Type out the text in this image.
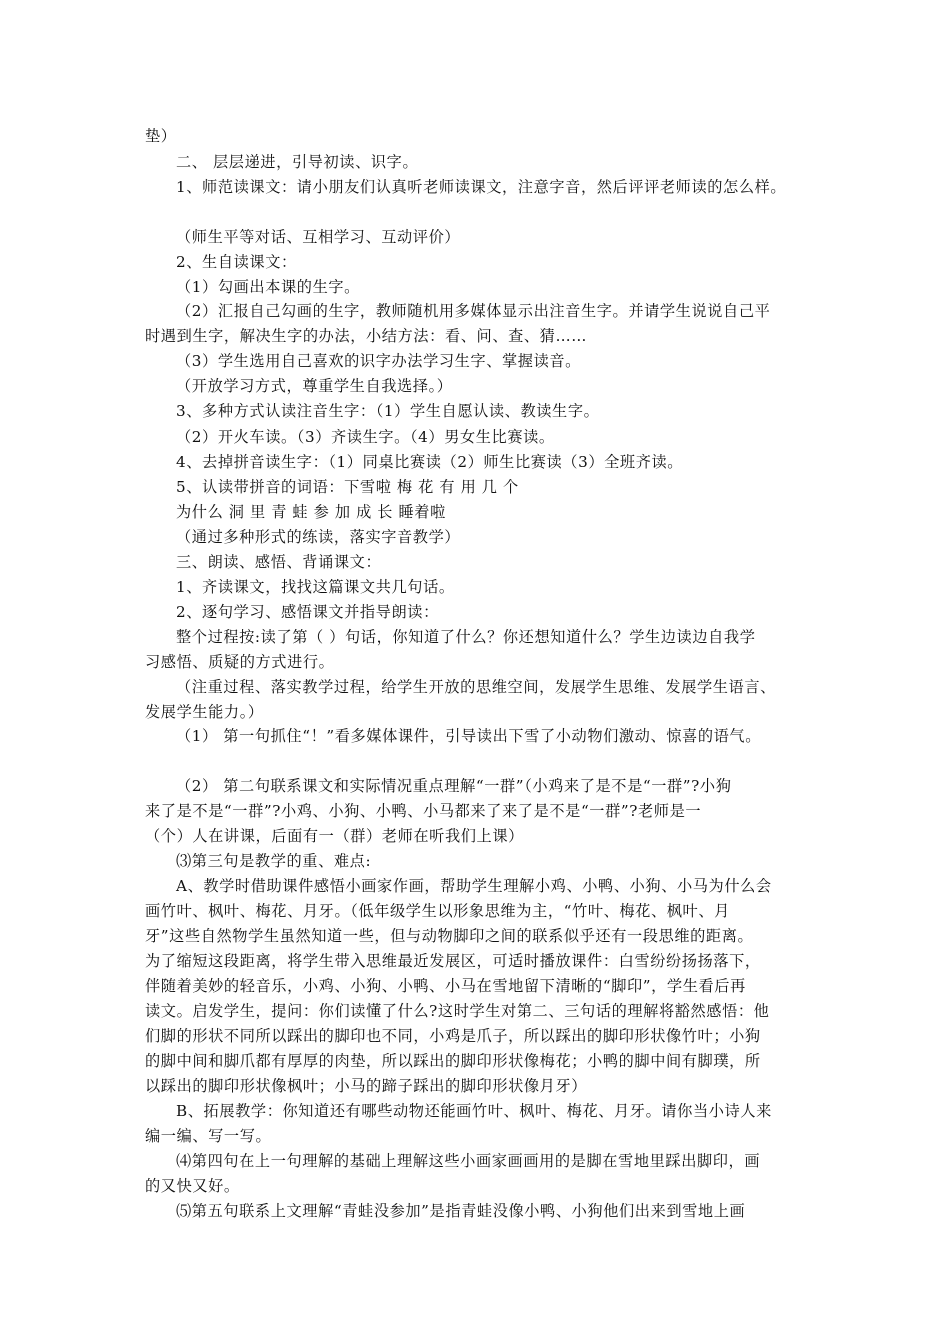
垫）

二、 层层递进，引导初读、识字。

1、师范读课文：请小朋友们认真听老师读课文，注意字音，然后评评老师读的怎么样。

（师生平等对话、互相学习、互动评价）

2、生自读课文：

（1）勾画出本课的生字。

（2）汇报自己勾画的生字，教师随机用多媒体显示出注音生字。并请学生说说自己平

时遇到生字，解决生字的办法，小结方法：看、问、查、猜……

（3）学生选用自己喜欢的识字办法学习生字、掌握读音。

（开放学习方式，尊重学生自我选择。）

3、多种方式认读注音生字：（1）学生自愿认读、教读生字。

（2）开火车读。（3）齐读生字。（4）男女生比赛读。

4、去掉拼音读生字：（1）同桌比赛读（2）师生比赛读（3）全班齐读。

5、认读带拼音的词语：下雪啦 梅 花 有 用 几 个

为什么 洞 里 青 蛙 参 加 成 长 睡着啦

（通过多种形式的练读，落实字音教学）

三、朗读、感悟、背诵课文：

1、齐读课文，找找这篇课文共几句话。

2、逐句学习、感悟课文并指导朗读：

整个过程按:读了第（ ）句话，你知道了什么？你还想知道什么？学生边读边自我学

习感悟、质疑的方式进行。

（注重过程、落实教学过程，给学生开放的思维空间，发展学生思维、发展学生语言、

发展学生能力。）

（1） 第一句抓住“！”看多媒体课件，引导读出下雪了小动物们激动、惊喜的语气。

（2） 第二句联系课文和实际情况重点理解“一群”（小鸡来了是不是“一群”?小狗

来了是不是“一群”?小鸡、小狗、小鸭、小马都来了来了是不是“一群”?老师是一

（个）人在讲课，后面有一（群）老师在听我们上课）

⑶第三句是教学的重、难点:

A、教学时借助课件感悟小画家作画，帮助学生理解小鸡、小鸭、小狗、小马为什么会

画竹叶、枫叶、梅花、月牙。（低年级学生以形象思维为主，“竹叶、梅花、枫叶、月

牙”这些自然物学生虽然知道一些，但与动物脚印之间的联系似乎还有一段思维的距离。

为了缩短这段距离，将学生带入思维最近发展区，可适时播放课件：白雪纷纷扬扬落下，

伴随着美妙的轻音乐，小鸡、小狗、小鸭、小马在雪地留下清晰的“脚印”，学生看后再

读文。启发学生，提问：你们读懂了什么?这时学生对第二、三句话的理解将豁然感悟：他

们脚的形状不同所以踩出的脚印也不同，小鸡是爪子，所以踩出的脚印形状像竹叶；小狗

的脚中间和脚爪都有厚厚的肉垫，所以踩出的脚印形状像梅花；小鸭的脚中间有脚璞，所

以踩出的脚印形状像枫叶；小马的蹄子踩出的脚印形状像月牙）

B、拓展教学：你知道还有哪些动物还能画竹叶、枫叶、梅花、月牙。请你当小诗人来

编一编、写一写。

⑷第四句在上一句理解的基础上理解这些小画家画画用的是脚在雪地里踩出脚印，画

的又快又好。

⑸第五句联系上文理解“青蛙没参加”是指青蛙没像小鸭、小狗他们出来到雪地上画
